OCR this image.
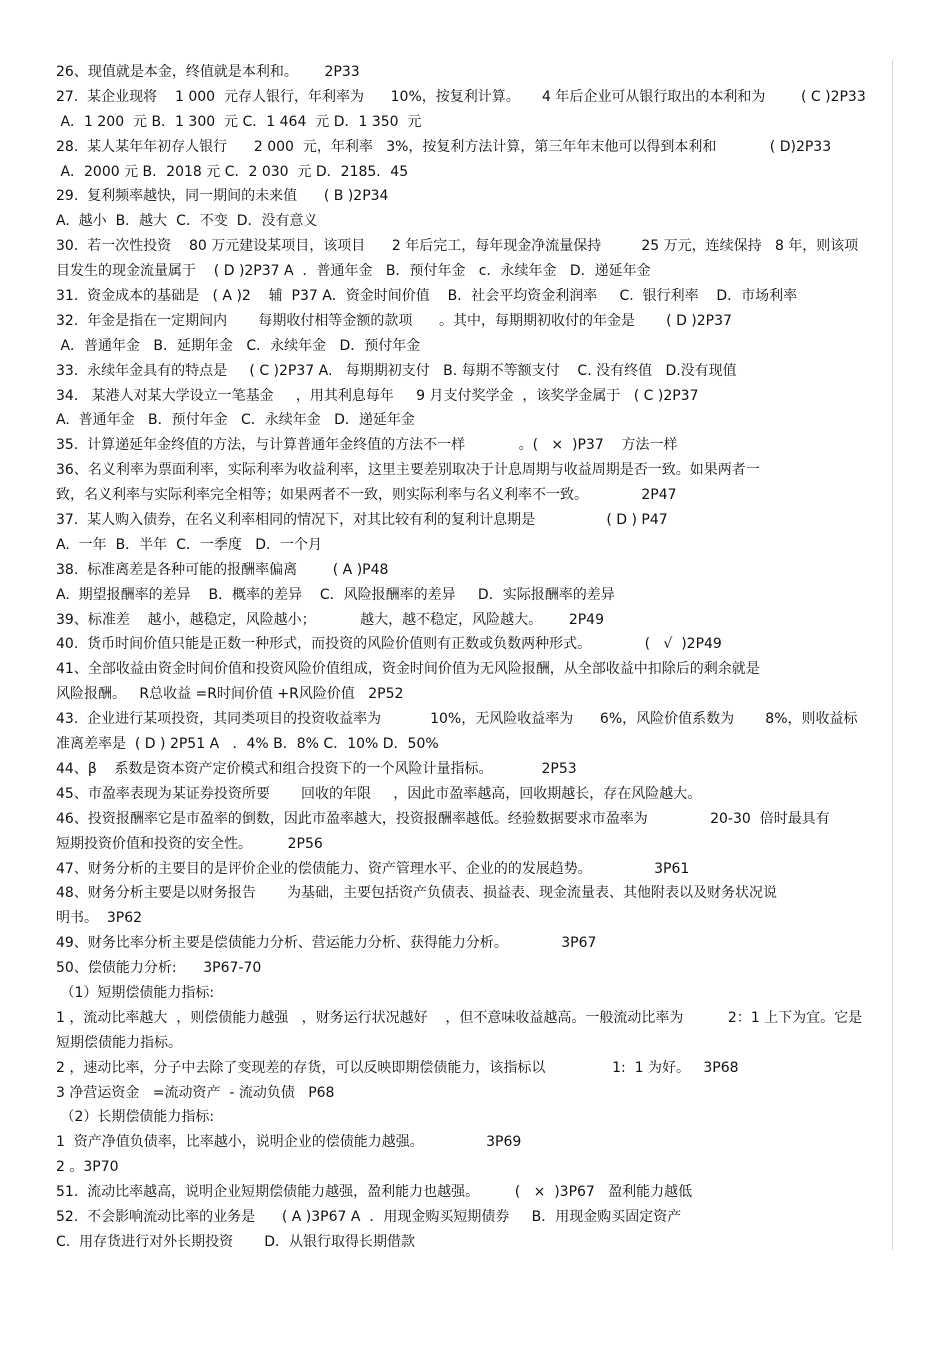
26、现值就是本金，终值就是本利和。      2P33
27.  某企业现将    1 000  元存人银行，年利率为      10%，按复利计算。     4 年后企业可从银行取出的本利和为        ( C )2P33
A．1 200  元 B．1 300  元 C．1 464  元 D．1 350  元
28.  某人某年年初存人银行      2 000  元，年利率   3%，按复利方法计算，第三年年末他可以得到本利和            ( D)2P33
A．2000 元 B．2018 元 C．2 030  元 D．2185．45
29.  复利频率越快，同一期间的未来值      ( B )2P34
A.  越小  B．越大  C．不变  D．没有意义
30.  若一次性投资    80 万元建设某项目，该项目      2 年后完工，每年现金净流量保持         25 万元，连续保持   8 年，则该项
目发生的现金流量属于    ( D )2P37 A  ．普通年金   B．预付年金   c．永续年金   D．递延年金
31.  资金成本的基础是   ( A )2    辅  P37 A．资金时间价值    B．社会平均资金利润率     C.  银行利率    D．市场利率
32.  年金是指在一定期间内       每期收付相等金额的款项      。其中，每期期初收付的年金是       ( D )2P37
A．普通年金   B．延期年金   C．永续年金   D．预付年金
33.  永续年金具有的特点是     ( C )2P37 A.   每期期初支付   B. 每期不等额支付    C. 没有终值   D.没有现值
34.   某港人对某大学设立一笔基金     ，用其利息每年     9 月支付奖学金  ，该奖学金属于   ( C )2P37
A.  普通年金   B．预付年金   C．永续年金   D．递延年金
35.  计算递延年金终值的方法，与计算普通年金终值的方法不一样            。(   ×  )P37    方法一样
36、名义利率为票面利率，实际利率为收益利率，这里主要差别取决于计息周期与收益周期是否一致。如果两者一
致，名义利率与实际利率完全相等；如果两者不一致，则实际利率与名义利率不一致。            2P47
37.  某人购入债券，在名义利率相同的情况下，对其比较有利的复利计息期是                ( D ) P47
A.  一年  B．半年  C．一季度   D．一个月
38.  标准离差是各种可能的报酬率偏离        ( A )P48
A.  期望报酬率的差异    B．概率的差异    C．风险报酬率的差异     D．实际报酬率的差异
39、标准差    越小，越稳定，风险越小；          越大，越不稳定，风险越大。      2P49
40.  货币时间价值只能是正数一种形式，而投资的风险价值则有正数或负数两种形式。            (   √  )2P49
41、全部收益由资金时间价值和投资风险价值组成，资金时间价值为无风险报酬，从全部收益中扣除后的剩余就是
风险报酬。   R总收益 =R时间价值 +R风险价值   2P52
43.  企业进行某项投资，其同类项目的投资收益率为           10%，无风险收益率为      6%，风险价值系数为       8%，则收益标
准离差率是  ( D ) 2P51 A   ．4% B．8% C．10% D．50%
44、β    系数是资本资产定价模式和组合投资下的一个风险计量指标。           2P53
45、市盈率表现为某证券投资所要       回收的年限     ，因此市盈率越高，回收期越长，存在风险越大。
46、投资报酬率它是市盈率的倒数，因此市盈率越大，投资报酬率越低。经验数据要求市盈率为              20-30  倍时最具有
短期投资价值和投资的安全性。        2P56
47、财务分析的主要目的是评价企业的偿债能力、资产管理水平、企业的的发展趋势。              3P61
48、财务分析主要是以财务报告       为基础，主要包括资产负债表、损益表、现金流量表、其他附表以及财务状况说
明书。  3P62
49、财务比率分析主要是偿债能力分析、营运能力分析、获得能力分析。            3P67
50、偿债能力分析:      3P67-70
（1）短期偿债能力指标:
1 ，流动比率越大  ，则偿债能力越强   ，财务运行状况越好    ，但不意味收益越高。一般流动比率为          2：1 上下为宜。它是
短期偿债能力指标。
2 ，速动比率，分子中去除了变现差的存货，可以反映即期偿债能力，该指标以               1:  1 为好。   3P68
3 净营运资金   =流动资产  - 流动负债   P68
（2）长期偿债能力指标:
1  资产净值负债率，比率越小，说明企业的偿债能力越强。              3P69
2 。3P70
51.  流动比率越高，说明企业短期偿债能力越强，盈利能力也越强。        (   ×  )3P67   盈利能力越低
52.  不会影响流动比率的业务是      ( A )3P67 A  ．用现金购买短期债券     B．用现金购买固定资产
C.  用存货进行对外长期投资       D．从银行取得长期借款
